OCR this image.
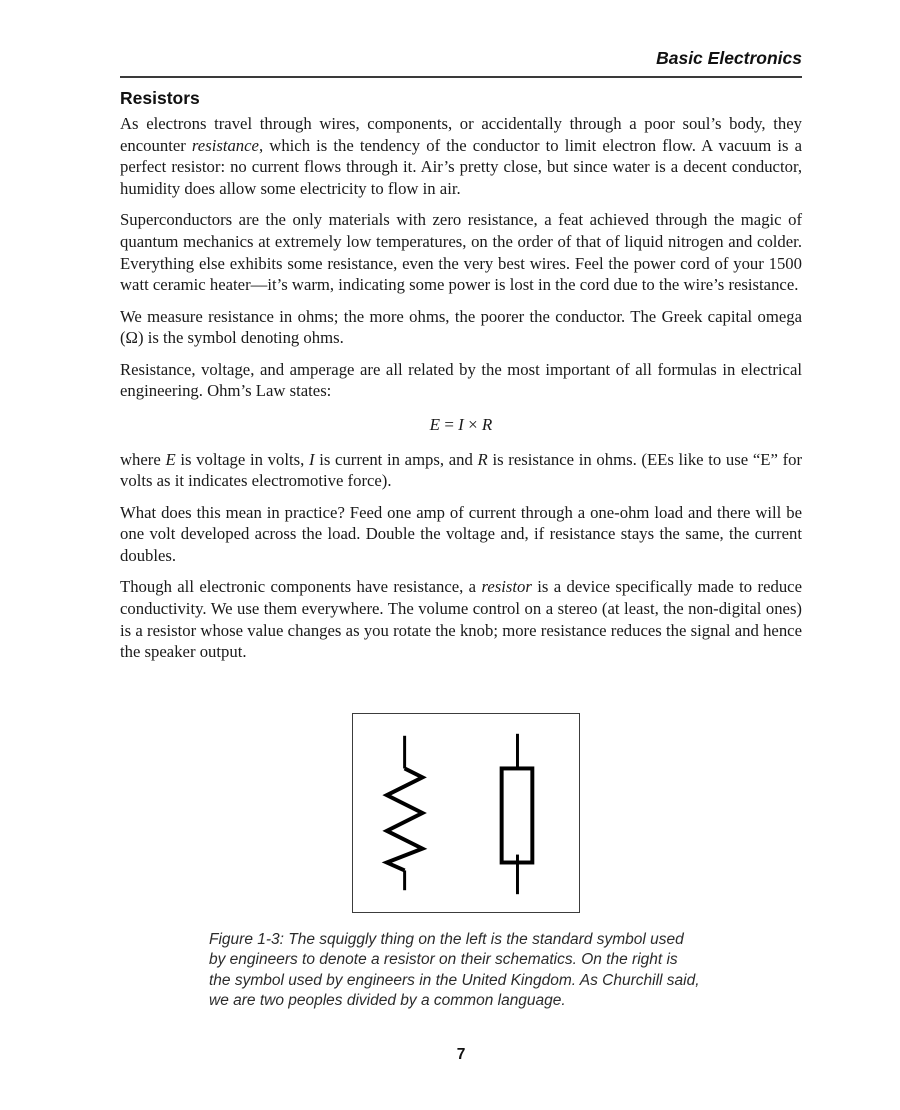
Basic Electronics
Resistors

As electrons travel through wires, components, or accidentally through a poor soul’s body, they encounter resistance, which is the tendency of the conductor to limit electron flow. A vacuum is a perfect resistor: no current flows through it. Air’s pretty close, but since water is a decent conductor, humidity does allow some electricity to flow in air.

Superconductors are the only materials with zero resistance, a feat achieved through the magic of quantum mechanics at extremely low temperatures, on the order of that of liquid nitrogen and colder. Everything else exhibits some resistance, even the very best wires. Feel the power cord of your 1500 watt ceramic heater—it’s warm, indicating some power is lost in the cord due to the wire’s resistance.

We measure resistance in ohms; the more ohms, the poorer the conductor. The Greek capital omega (Ω) is the symbol denoting ohms.

Resistance, voltage, and amperage are all related by the most important of all formulas in electrical engineering. Ohm’s Law states:

E = I × R

where E is voltage in volts, I is current in amps, and R is resistance in ohms. (EEs like to use “E” for volts as it indicates electromotive force).

What does this mean in practice? Feed one amp of current through a one-ohm load and there will be one volt developed across the load. Double the voltage and, if resistance stays the same, the current doubles.

Though all electronic components have resistance, a resistor is a device specifically made to reduce conductivity. We use them everywhere. The volume control on a stereo (at least, the non-digital ones) is a resistor whose value changes as you rotate the knob; more resistance reduces the signal and hence the speaker output.

Figure 1-3: The squiggly thing on the left is the standard symbol used
by engineers to denote a resistor on their schematics. On the right is
the symbol used by engineers in the United Kingdom. As Churchill said,
we are two peoples divided by a common language.
7
